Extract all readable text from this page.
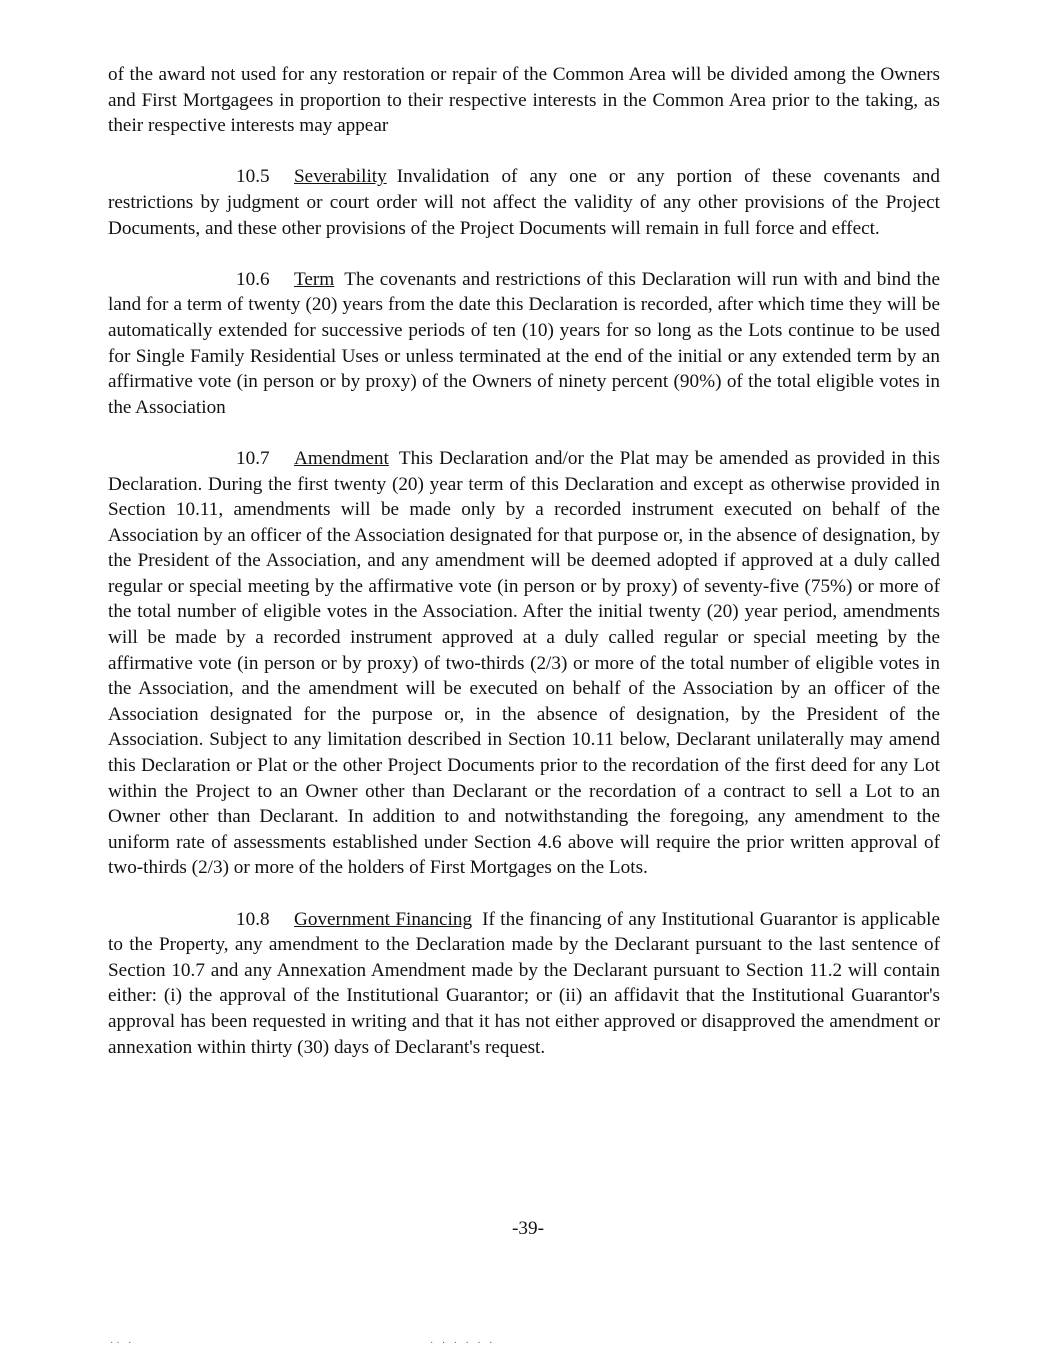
of the award not used for any restoration or repair of the Common Area will be divided among the Owners and First Mortgagees in proportion to their respective interests in the Common Area prior to the taking, as their respective interests may appear

10.5 Severability Invalidation of any one or any portion of these covenants and restrictions by judgment or court order will not affect the validity of any other provisions of the Project Documents, and these other provisions of the Project Documents will remain in full force and effect.

10.6 Term The covenants and restrictions of this Declaration will run with and bind the land for a term of twenty (20) years from the date this Declaration is recorded, after which time they will be automatically extended for successive periods of ten (10) years for so long as the Lots continue to be used for Single Family Residential Uses or unless terminated at the end of the initial or any extended term by an affirmative vote (in person or by proxy) of the Owners of ninety percent (90%) of the total eligible votes in the Association

10.7 Amendment This Declaration and/or the Plat may be amended as provided in this Declaration. During the first twenty (20) year term of this Declaration and except as otherwise provided in Section 10.11, amendments will be made only by a recorded instrument executed on behalf of the Association by an officer of the Association designated for that purpose or, in the absence of designation, by the President of the Association, and any amendment will be deemed adopted if approved at a duly called regular or special meeting by the affirmative vote (in person or by proxy) of seventy-five (75%) or more of the total number of eligible votes in the Association. After the initial twenty (20) year period, amendments will be made by a recorded instrument approved at a duly called regular or special meeting by the affirmative vote (in person or by proxy) of two-thirds (2/3) or more of the total number of eligible votes in the Association, and the amendment will be executed on behalf of the Association by an officer of the Association designated for the purpose or, in the absence of designation, by the President of the Association. Subject to any limitation described in Section 10.11 below, Declarant unilaterally may amend this Declaration or Plat or the other Project Documents prior to the recordation of the first deed for any Lot within the Project to an Owner other than Declarant or the recordation of a contract to sell a Lot to an Owner other than Declarant. In addition to and notwithstanding the foregoing, any amendment to the uniform rate of assessments established under Section 4.6 above will require the prior written approval of two-thirds (2/3) or more of the holders of First Mortgages on the Lots.

10.8 Government Financing If the financing of any Institutional Guarantor is applicable to the Property, any amendment to the Declaration made by the Declarant pursuant to the last sentence of Section 10.7 and any Annexation Amendment made by the Declarant pursuant to Section 11.2 will contain either: (i) the approval of the Institutional Guarantor; or (ii) an affidavit that the Institutional Guarantor's approval has been requested in writing and that it has not either approved or disapproved the amendment or annexation within thirty (30) days of Declarant's request.

-39-
·· ·	· · · · · ·
